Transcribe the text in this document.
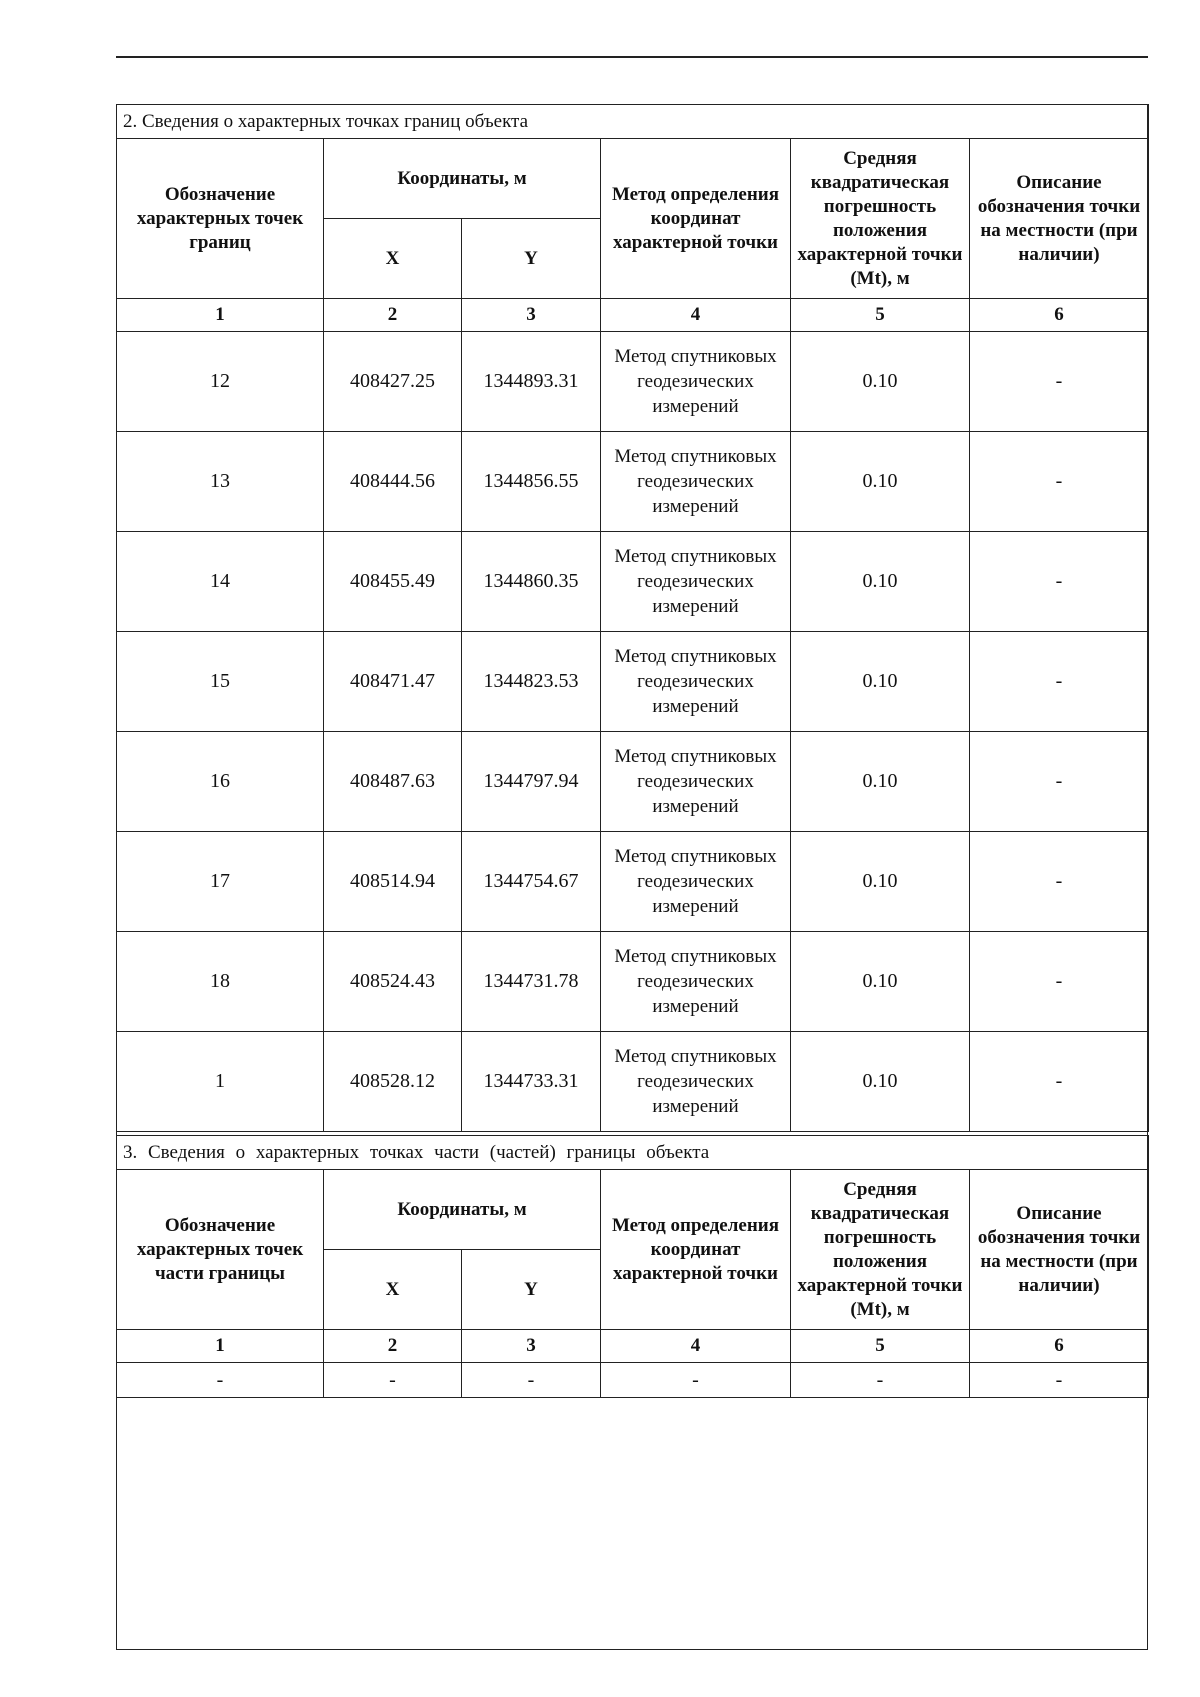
2. Сведения о характерных точках границ объекта					
Обозначение характерных точек границ	Координаты, м		Метод определения координат характерной точки	Средняя квадратическая погрешность положения характерной точки (Mt), м	Описание обозначения точки на местности (при наличии)
	X	Y			
1	2	3	4	5	6
12	408427.25	1344893.31	Метод спутниковых геодезических измерений	0.10	-
13	408444.56	1344856.55	Метод спутниковых геодезических измерений	0.10	-
14	408455.49	1344860.35	Метод спутниковых геодезических измерений	0.10	-
15	408471.47	1344823.53	Метод спутниковых геодезических измерений	0.10	-
16	408487.63	1344797.94	Метод спутниковых геодезических измерений	0.10	-
17	408514.94	1344754.67	Метод спутниковых геодезических измерений	0.10	-
18	408524.43	1344731.78	Метод спутниковых геодезических измерений	0.10	-
1	408528.12	1344733.31	Метод спутниковых геодезических измерений	0.10	-
3. Сведения о характерных точках части (частей) границы объекта					
Обозначение характерных точек части границы	Координаты, м		Метод определения координат характерной точки	Средняя квадратическая погрешность положения характерной точки (Mt), м	Описание обозначения точки на местности (при наличии)
	X	Y			
1	2	3	4	5	6
-	-	-	-	-	-
